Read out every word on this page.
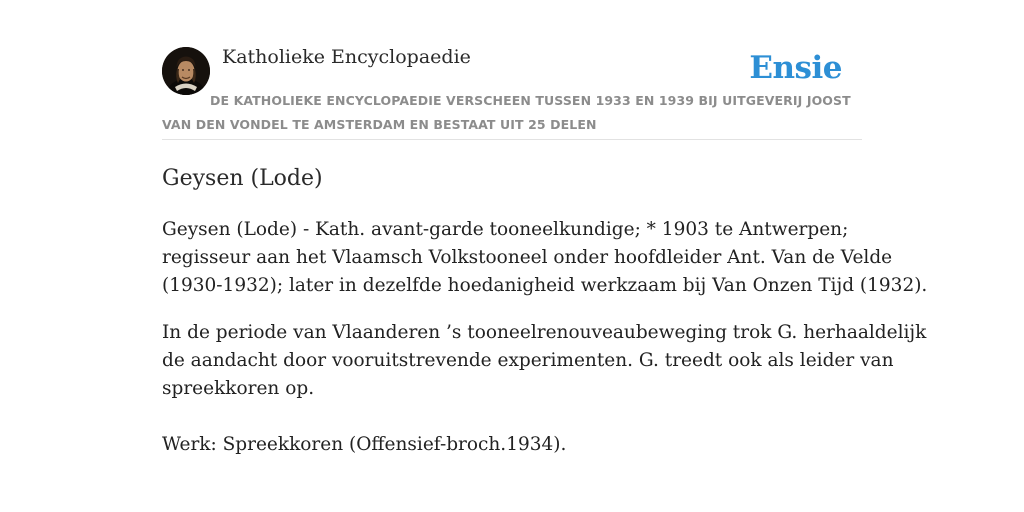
Katholieke Encyclopaedie	Ensie
DE KATHOLIEKE ENCYCLOPAEDIE VERSCHEEN TUSSEN 1933 EN 1939 BIJ UITGEVERIJ JOOST VAN DEN VONDEL TE AMSTERDAM EN BESTAAT UIT 25 DELEN
Geysen (Lode)

Geysen (Lode) - Kath. avant-garde tooneelkundige; * 1903 te Antwerpen;
regisseur aan het Vlaamsch Volkstooneel onder hoofdleider Ant. Van de Velde
(1930-1932); later in dezelfde hoedanigheid werkzaam bij Van Onzen Tijd (1932).

In de periode van Vlaanderen ’s tooneelrenouveaubeweging trok G. herhaaldelijk
de aandacht door vooruitstrevende experimenten. G. treedt ook als leider van
spreekkoren op.

Werk: Spreekkoren (Offensief-broch.1934).
